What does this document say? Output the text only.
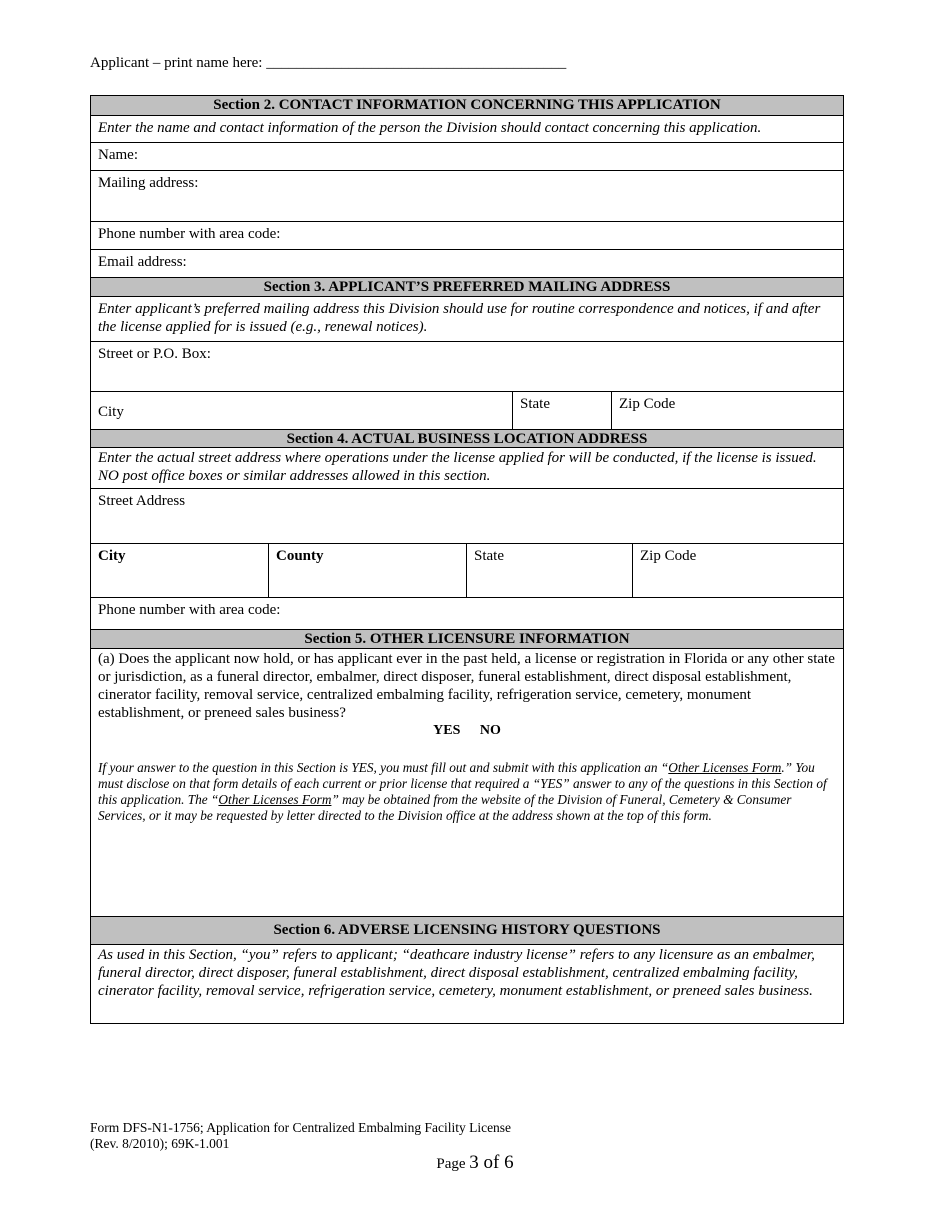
Applicant – print name here: ________________________________________
Section 2. CONTACT INFORMATION CONCERNING THIS APPLICATION
Enter the name and contact information of the person the Division should contact concerning this application.
Name:
Mailing address:
Phone number with area code:
Email address:
Section 3. APPLICANT’S PREFERRED MAILING ADDRESS
Enter applicant’s preferred mailing address this Division should use for routine correspondence and notices, if and after the license applied for is issued (e.g., renewal notices).
Street or P.O. Box:
City	State	Zip Code
Section 4. ACTUAL BUSINESS LOCATION ADDRESS
Enter the actual street address where operations under the license applied for will be conducted, if the license is issued. NO post office boxes or similar addresses allowed in this section.
Street Address
City	County	State	Zip Code
Phone number with area code:
Section 5. OTHER LICENSURE INFORMATION
(a) Does the applicant now hold, or has applicant ever in the past held, a license or registration in Florida or any other state or jurisdiction, as a funeral director, embalmer, direct disposer, funeral establishment, direct disposal establishment, cinerator facility, removal service, centralized embalming facility, refrigeration service, cemetery, monument establishment, or preneed sales business?
YES NO
If your answer to the question in this Section is YES, you must fill out and submit with this application an “Other Licenses Form.” You must disclose on that form details of each current or prior license that required a “YES” answer to any of the questions in this Section of this application. The “Other Licenses Form” may be obtained from the website of the Division of Funeral, Cemetery & Consumer Services, or it may be requested by letter directed to the Division office at the address shown at the top of this form.
Section 6. ADVERSE LICENSING HISTORY QUESTIONS
As used in this Section, “you” refers to applicant; “deathcare industry license” refers to any licensure as an embalmer, funeral director, direct disposer, funeral establishment, direct disposal establishment, centralized embalming facility, cinerator facility, removal service, refrigeration service, cemetery, monument establishment, or preneed sales business.
Form DFS-N1-1756; Application for Centralized Embalming Facility License
(Rev. 8/2010); 69K-1.001
Page 3 of 6
